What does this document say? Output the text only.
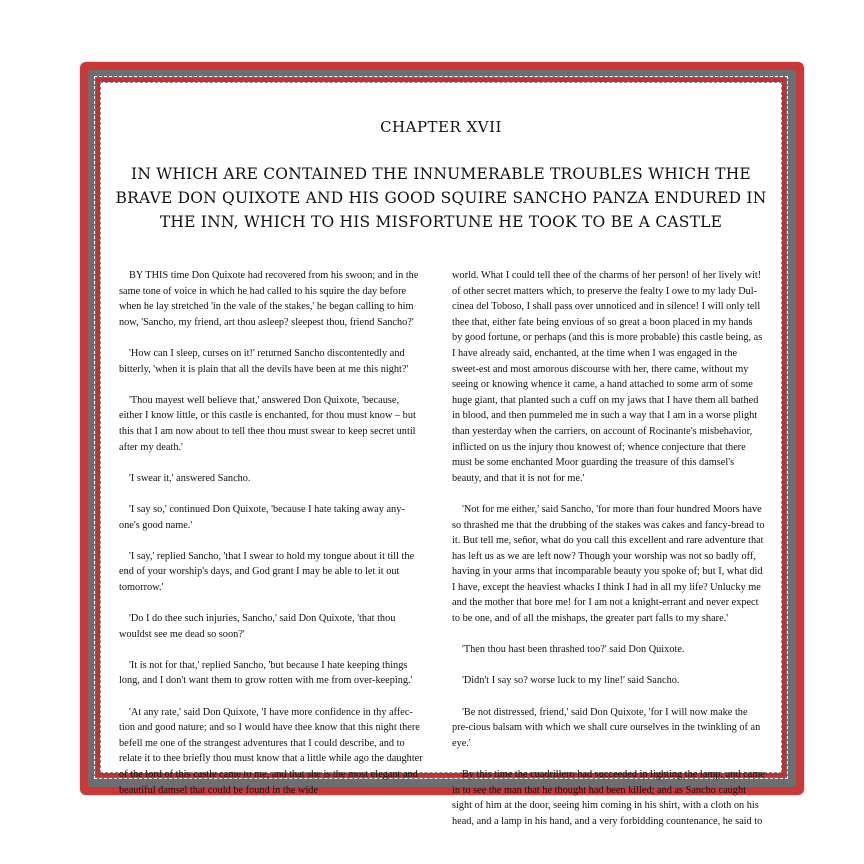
CHAPTER XVII
IN WHICH ARE CONTAINED THE INNUMERABLE TROUBLES WHICH THE BRAVE DON QUIXOTE AND HIS GOOD SQUIRE SANCHO PANZA ENDURED IN THE INN, WHICH TO HIS MISFORTUNE HE TOOK TO BE A CASTLE

BY THIS time Don Quixote had recovered from his swoon; and in the same tone of voice in which he had called to his squire the day before when he lay stretched 'in the vale of the stakes,' he began calling to him now, 'Sancho, my friend, art thou asleep? sleepest thou, friend Sancho?'

'How can I sleep, curses on it!' returned Sancho discontentedly and bitterly, 'when it is plain that all the devils have been at me this night?'

'Thou mayest well believe that,' answered Don Quixote, 'because, either I know little, or this castle is enchanted, for thou must know – but this that I am now about to tell thee thou must swear to keep secret until after my death.'

'I swear it,' answered Sancho.

'I say so,' continued Don Quixote, 'because I hate taking away any-one's good name.'

'I say,' replied Sancho, 'that I swear to hold my tongue about it till the end of your worship's days, and God grant I may be able to let it out tomorrow.'

'Do I do thee such injuries, Sancho,' said Don Quixote, 'that thou wouldst see me dead so soon?'

'It is not for that,' replied Sancho, 'but because I hate keeping things long, and I don't want them to grow rotten with me from over-keeping.'

'At any rate,' said Don Quixote, 'I have more confidence in thy affec-tion and good nature; and so I would have thee know that this night there befell me one of the strangest adventures that I could describe, and to relate it to thee briefly thou must know that a little while ago the daughter of the lord of this castle came to me, and that she is the most elegant and beautiful damsel that could be found in the wide

world. What I could tell thee of the charms of her person! of her lively wit! of other secret matters which, to preserve the fealty I owe to my lady Dul-cinea del Toboso, I shall pass over unnoticed and in silence! I will only tell thee that, either fate being envious of so great a boon placed in my hands by good fortune, or perhaps (and this is more probable) this castle being, as I have already said, enchanted, at the time when I was engaged in the sweet-est and most amorous discourse with her, there came, without my seeing or knowing whence it came, a hand attached to some arm of some huge giant, that planted such a cuff on my jaws that I have them all bathed in blood, and then pummeled me in such a way that I am in a worse plight than yesterday when the carriers, on account of Rocinante's misbehavior, inflicted on us the injury thou knowest of; whence conjecture that there must be some enchanted Moor guarding the treasure of this damsel's beauty, and that it is not for me.'

'Not for me either,' said Sancho, 'for more than four hundred Moors have so thrashed me that the drubbing of the stakes was cakes and fancy-bread to it. But tell me, señor, what do you call this excellent and rare adventure that has left us as we are left now? Though your worship was not so badly off, having in your arms that incomparable beauty you spoke of; but I, what did I have, except the heaviest whacks I think I had in all my life? Unlucky me and the mother that bore me! for I am not a knight-errant and never expect to be one, and of all the mishaps, the greater part falls to my share.'

'Then thou hast been thrashed too?' said Don Quixote.

'Didn't I say so? worse luck to my line!' said Sancho.

'Be not distressed, friend,' said Don Quixote, 'for I will now make the pre-cious balsam with which we shall cure ourselves in the twinkling of an eye.'

By this time the cuadrillero had succeeded in lighting the lamp, and came in to see the man that he thought had been killed; and as Sancho caught sight of him at the door, seeing him coming in his shirt, with a cloth on his head, and a lamp in his hand, and a very forbidding countenance, he said to
